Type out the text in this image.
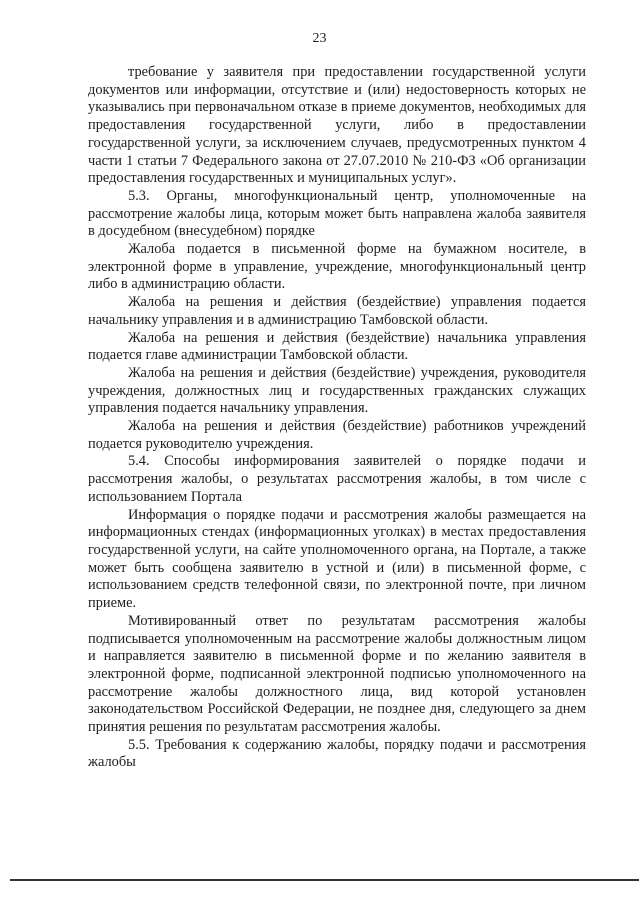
23

требование у заявителя при предоставлении государственной услуги документов или информации, отсутствие и (или) недостоверность которых не указывались при первоначальном отказе в приеме документов, необходимых для предоставления государственной услуги, либо в предоставлении государственной услуги, за исключением случаев, предусмотренных пунктом 4 части 1 статьи 7 Федерального закона от 27.07.2010 № 210-ФЗ «Об организации предоставления государственных и муниципальных услуг».

5.3. Органы, многофункциональный центр, уполномоченные на рассмотрение жалобы лица, которым может быть направлена жалоба заявителя в досудебном (внесудебном) порядке

Жалоба подается в письменной форме на бумажном носителе, в электронной форме в управление, учреждение, многофункциональный центр либо в администрацию области.

Жалоба на решения и действия (бездействие) управления подается начальнику управления и в администрацию Тамбовской области.

Жалоба на решения и действия (бездействие) начальника управления подается главе администрации Тамбовской области.

Жалоба на решения и действия (бездействие) учреждения, руководителя учреждения, должностных лиц и государственных гражданских служащих управления подается начальнику управления.

Жалоба на решения и действия (бездействие) работников учреждений подается руководителю учреждения.

5.4. Способы информирования заявителей о порядке подачи и рассмотрения жалобы, о результатах рассмотрения жалобы, в том числе с использованием Портала

Информация о порядке подачи и рассмотрения жалобы размещается на информационных стендах (информационных уголках) в местах предоставления государственной услуги, на сайте уполномоченного органа, на Портале, а также может быть сообщена заявителю в устной и (или) в письменной форме, с использованием средств телефонной связи, по электронной почте, при личном приеме.

Мотивированный ответ по результатам рассмотрения жалобы подписывается уполномоченным на рассмотрение жалобы должностным лицом и направляется заявителю в письменной форме и по желанию заявителя в электронной форме, подписанной электронной подписью уполномоченного на рассмотрение жалобы должностного лица, вид которой установлен законодательством Российской Федерации, не позднее дня, следующего за днем принятия решения по результатам рассмотрения жалобы.

5.5. Требования к содержанию жалобы, порядку подачи и рассмотрения жалобы
